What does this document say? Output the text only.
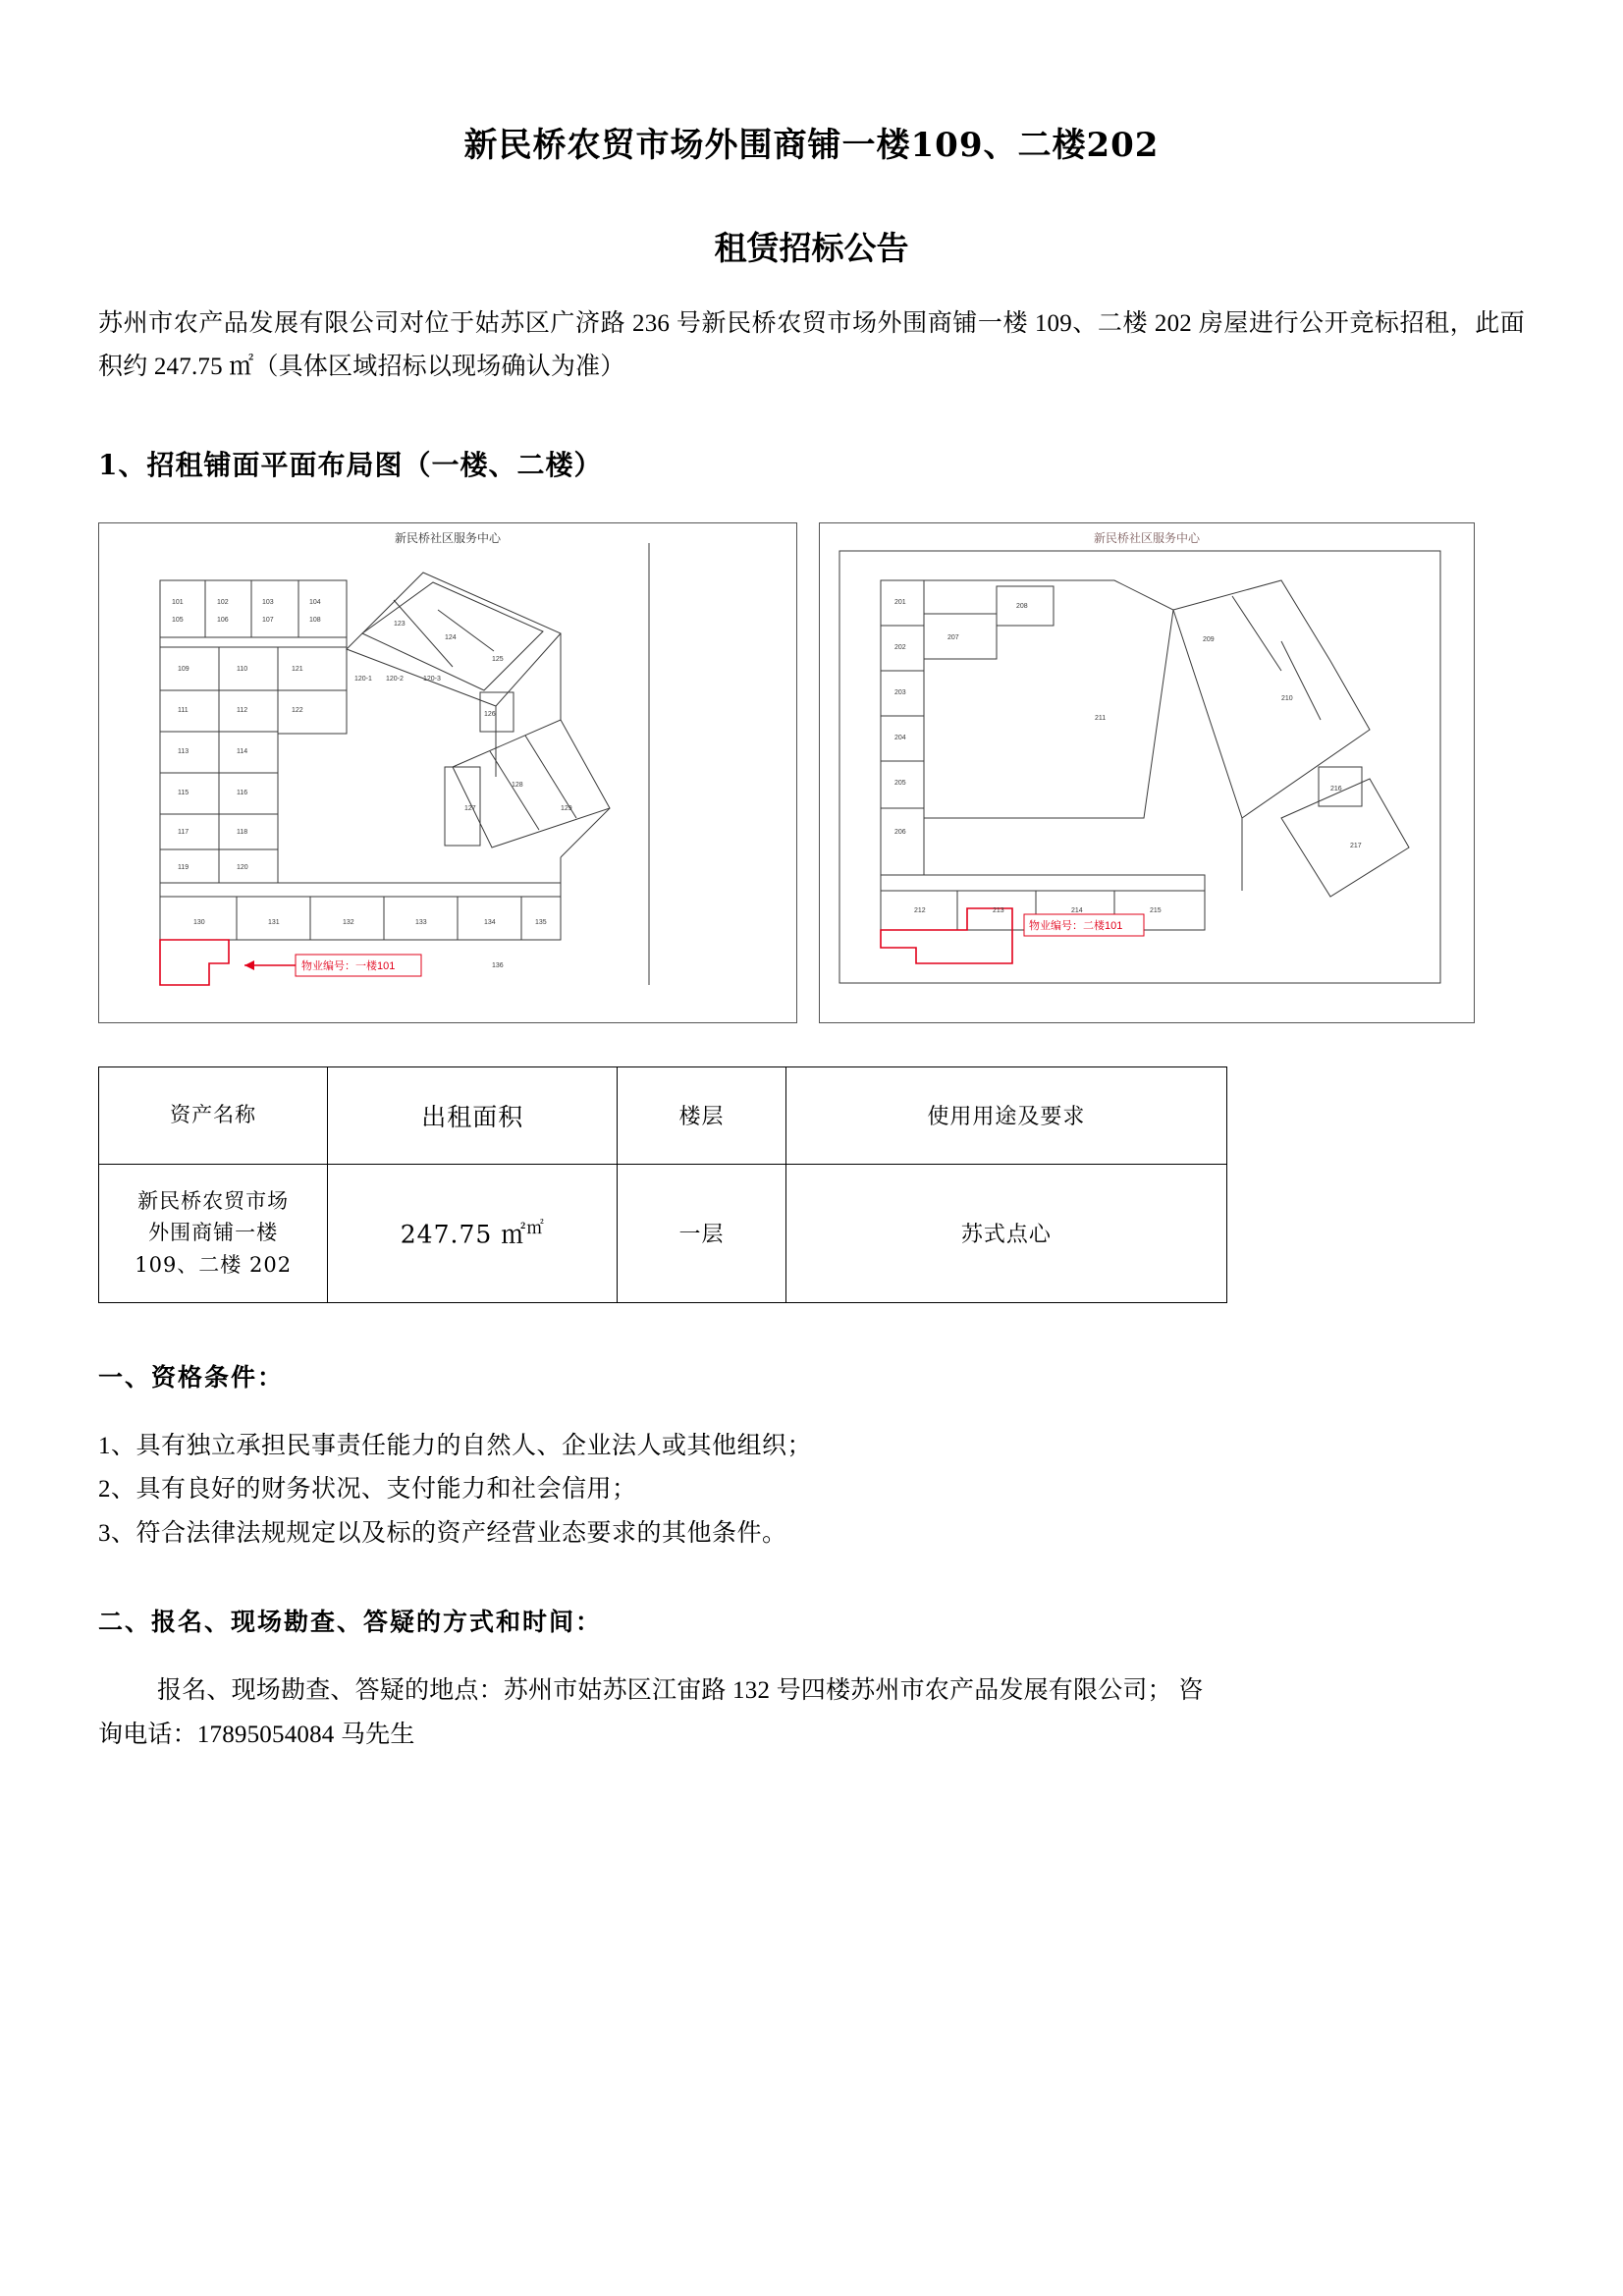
新民桥农贸市场外围商铺一楼109、二楼202
租赁招标公告

苏州市农产品发展有限公司对位于姑苏区广济路 236 号新民桥农贸市场外围商铺一楼 109、二楼 202 房屋进行公开竞标招租，此面积约 247.75 ㎡（具体区域招标以现场确认为准）

1、招租铺面平面布局图（一楼、二楼）
新民桥社区服务中心
物业编号：一楼101
101	102	103	104
105	106	107	108
109	110
111	112
113	114
115	116
117	118
119	120
121
122
123
124
125
120-1 120-2	120-3
126
127
128
129
130	131	132	133	134	135
136
新民桥社区服务中心
物业编号：二楼101
201
202
203
204
205
206
207
208
209
210
211
212	213	214	215
216
217
资产名称	出租面积	楼层	使用用途及要求

新民桥农贸市场
外围商铺一楼
109、二楼 202	247.75 ㎡㎡	一层	苏式点心
一、资格条件：
1、具有独立承担民事责任能力的自然人、企业法人或其他组织；
2、具有良好的财务状况、支付能力和社会信用；
3、符合法律法规规定以及标的资产经营业态要求的其他条件。
二、报名、现场勘查、答疑的方式和时间：

报名、现场勘查、答疑的地点：苏州市姑苏区江宙路 132 号四楼苏州市农产品发展有限公司； 咨

询电话：17895054084 马先生
